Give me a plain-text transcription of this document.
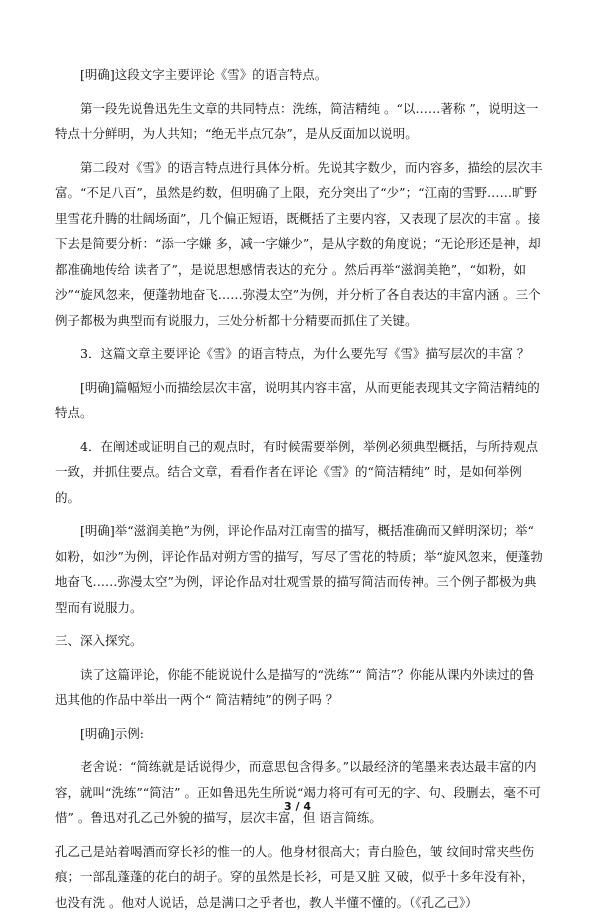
[明确]这段文字主要评论《雪》的语言特点。

第一段先说鲁迅先生文章的共同特点：洗练，简洁精纯 。“以……著称 ”，说明这一特点十分鲜明，为人共知；“绝无半点冗杂”，是从反面加以说明。

第二段对《雪》的语言特点进行具体分析。先说其字数少，而内容多，描绘的层次丰富。“不足八百”，虽然是约数，但明确了上限，充分突出了“少”；“江南的雪野……旷野里雪花升腾的壮阔场面”，几个偏正短语，既概括了主要内容，又表现了层次的丰富 。接下去是简要分析：“添一字嫌 多，减一字嫌少”，是从字数的角度说；“无论形还是神，却都准确地传给 读者了”，是说思想感情表达的充分 。然后再举“滋润美艳”，“如粉，如 沙”“旋风忽来，便蓬勃地奋飞……弥漫太空”为例，并分析了各自表达的丰富内涵 。三个例子都极为典型而有说服力，三处分析都十分精要而抓住了关键。

3．这篇文章主要评论《雪》的语言特点，为什么要先写《雪》描写层次的丰富 ？

[明确]篇幅短小而描绘层次丰富，说明其内容丰富，从而更能表现其文字简洁精纯的特点。

4．在阐述或证明自己的观点时，有时候需要举例，举例必须典型概括，与所持观点一致，并抓住要点。结合文章，看看作者在评论《雪》的“简洁精纯” 时，是如何举例的。

[明确]举“滋润美艳”为例，评论作品对江南雪的描写，概括准确而又鲜明深切；举“ 如粉，如沙”为例，评论作品对朔方雪的描写，写尽了雪花的特质；举“旋风忽来，便蓬勃地奋飞……弥漫太空”为例，评论作品对壮观雪景的描写简洁而传神。三个例子都极为典型而有说服力。

三、深入探究。

读了这篇评论，你能不能说说什么是描写的“洗练”“ 简洁”？你能从课内外读过的鲁迅其他的作品中举出一两个“ 简洁精纯”的例子吗 ？

[明确]示例:

老舍说：“简练就是话说得少，而意思包含得多。”以最经济的笔墨来表达最丰富的内容，就叫“洗练”“简洁” 。正如鲁迅先生所说“竭力将可有可无的字、句、段删去，毫不可惜” 。鲁迅对孔乙己外貌的描写，层次丰富，但 语言简练。

孔乙己是站着喝酒而穿长衫的惟一的人。他身材很高大；青白脸色，皱 纹间时常夹些伤痕；一部乱蓬蓬的花白的胡子。穿的虽然是长衫，可是又脏 又破，似乎十多年没有补，也没有洗 。他对人说话，总是满口之乎者也，教人半懂不懂的。（《孔乙己》）

3 / 4
